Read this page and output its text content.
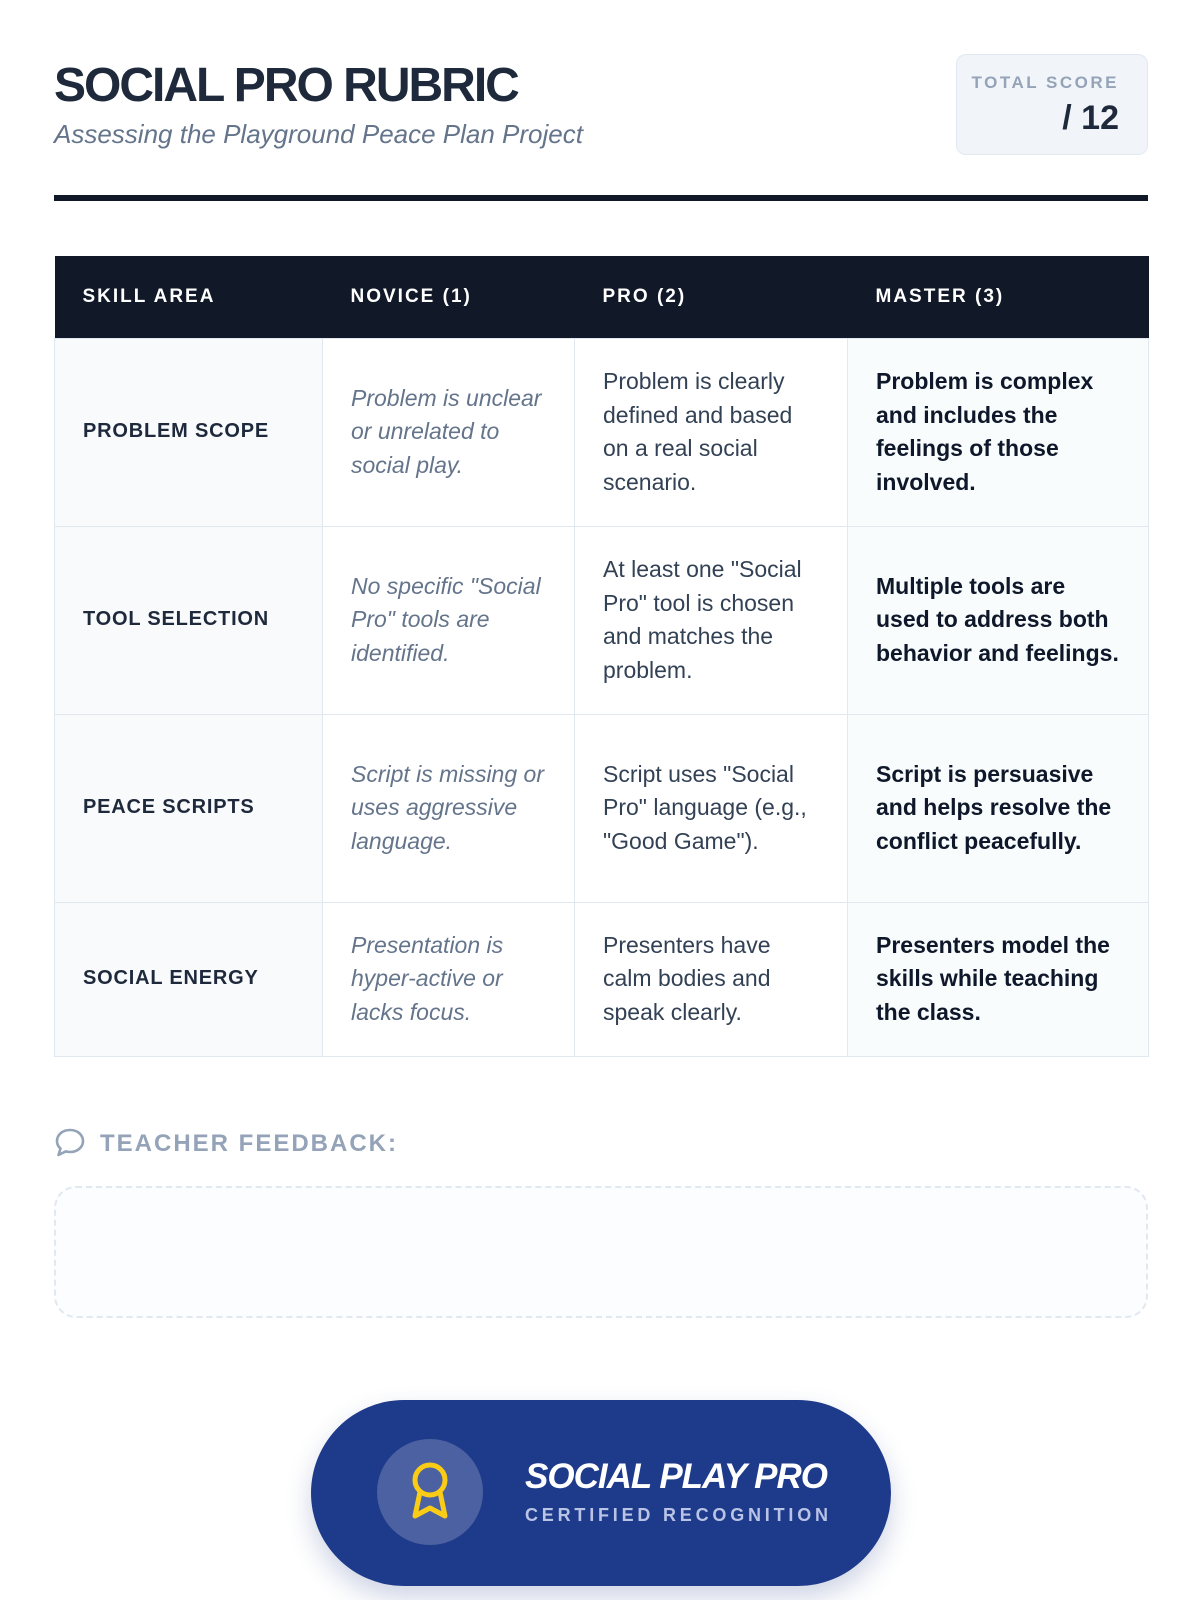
SOCIAL PRO RUBRIC
Assessing the Playground Peace Plan Project
TOTAL SCORE
/ 12
SKILL AREA	NOVICE (1)	PRO (2)	MASTER (3)
PROBLEM SCOPE	Problem is unclear or unrelated to social play.	Problem is clearly defined and based on a real social scenario.	Problem is complex and includes the feelings of those involved.
TOOL SELECTION	No specific "Social Pro" tools are identified.	At least one "Social Pro" tool is chosen and matches the problem.	Multiple tools are used to address both behavior and feelings.
PEACE SCRIPTS	Script is missing or uses aggressive language.	Script uses "Social Pro" language (e.g., "Good Game").	Script is persuasive and helps resolve the conflict peacefully.
SOCIAL ENERGY	Presentation is hyper-active or lacks focus.	Presenters have calm bodies and speak clearly.	Presenters model the skills while teaching the class.
TEACHER FEEDBACK:
SOCIAL PLAY PRO
CERTIFIED RECOGNITION
